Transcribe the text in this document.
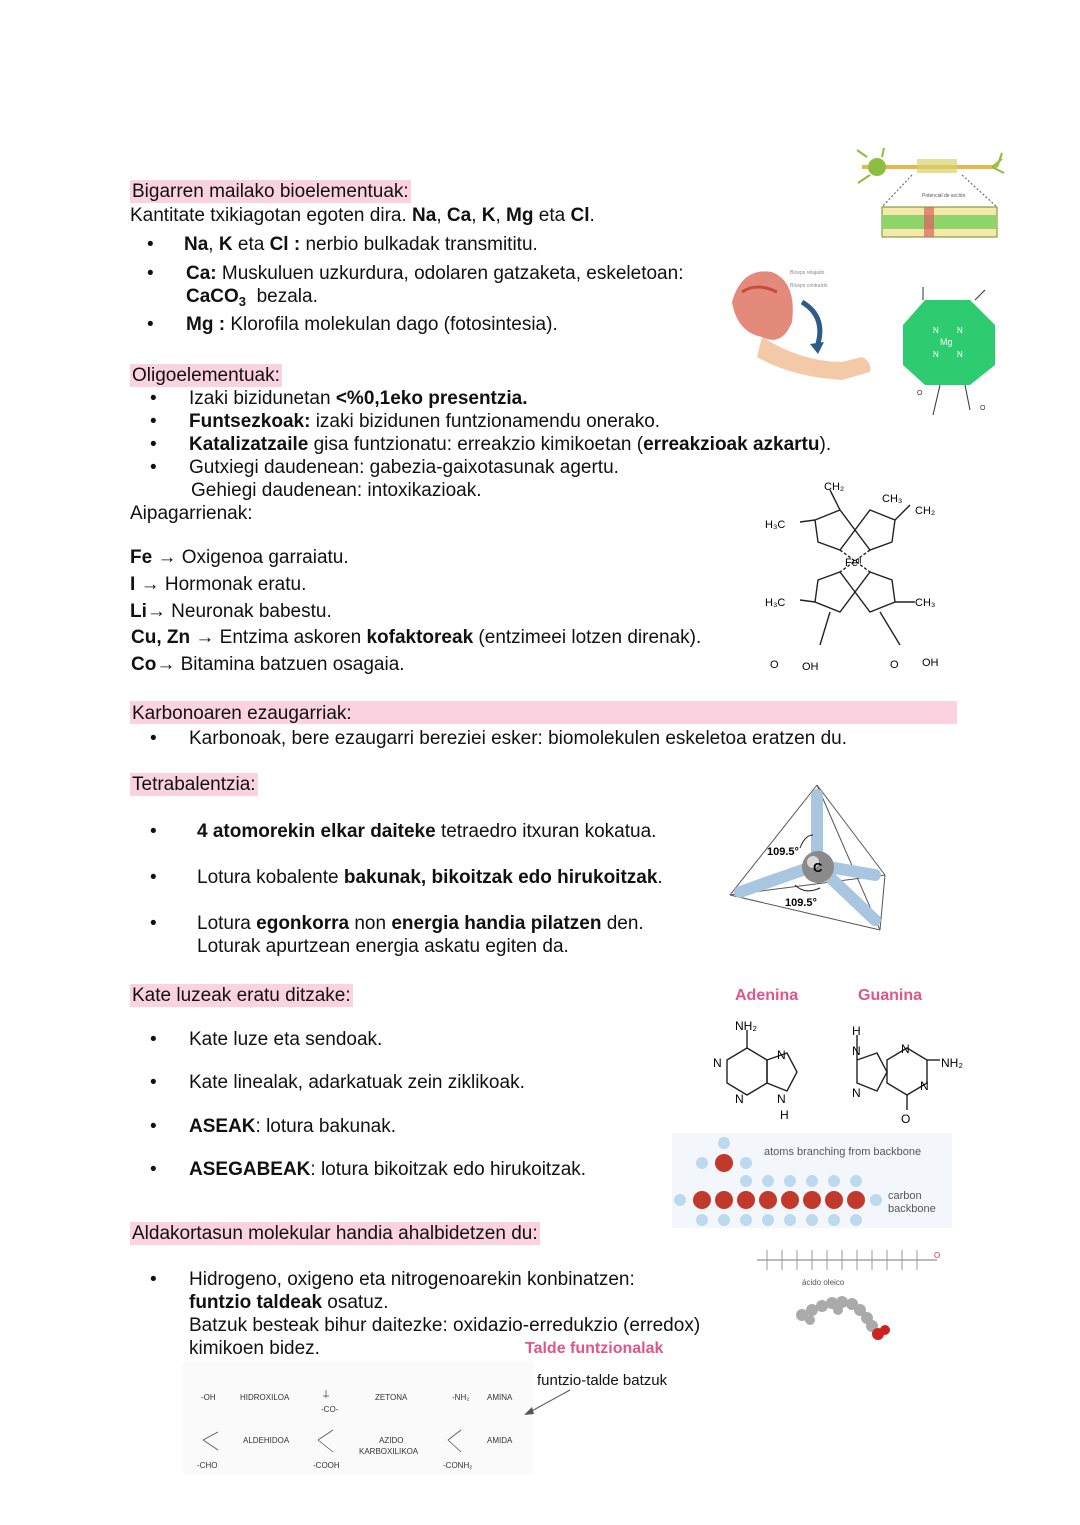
Bigarren mailako bioelementuak:
Kantitate txikiagotan egoten dira. Na, Ca, K, Mg eta Cl.
• Na, K eta Cl : nerbio bulkadak transmititu.
• Ca: Muskuluen uzkurdura, odolaren gatzaketa, eskeletoan:
CaCO$_3$ bezala.
• Mg : Klorofila molekulan dago (fotosintesia).
Potencial de acción
Bíceps relajado
Bíceps contraído
Mg
N N
N N
O
O
Oligoelementuak:
• Izaki bizidunetan <%0,1eko presentzia.
• Funtsezkoak: izaki bizidunen funtzionamendu onerako.
• Katalizatzaile gisa funtzionatu: erreakzio kimikoetan (erreakzioak azkartu).
• Gutxiegi daudenean: gabezia-gaixotasunak agertu.
Gehiegi daudenean: intoxikazioak.
Aipagarrienak:
Fe → Oxigenoa garraiatu.
I → Hormonak eratu.
Li→ Neuronak babestu.
Cu, Zn → Entzima askoren kofaktoreak (entzimeei lotzen direnak).
Co→ Bitamina batzuen osagaia.
H₃C
H₃C	CH₃
CH₃
CH₂
CH₂
Feᴵᴵ
O OH	O OH
Karbonoaren ezaugarriak:
• Karbonoak, bere ezaugarri bereziei esker: biomolekulen eskeletoa eratzen du.
Tetrabalentzia:
• 4 atomorekin elkar daiteke tetraedro itxuran kokatua.
• Lotura kobalente bakunak, bikoitzak edo hirukoitzak.
• Lotura egonkorra non energia handia pilatzen den.
Loturak apurtzean energia askatu egiten da.
C
109.5°
109.5°
Kate luzeak eratu ditzake:
• Kate luze eta sendoak.
• Kate linealak, adarkatuak zein ziklikoak.
• ASEAK: lotura bakunak.
• ASEGABEAK: lotura bikoitzak edo hirukoitzak.
Adenina	Guanina
NH₂
N
N
N
N
H
H
N
N
N
N
NH₂
O
atoms branching from backbone
carbon
backbone
Aldakortasun molekular handia ahalbidetzen du:
• Hidrogeno, oxigeno eta nitrogenoarekin konbinatzen:
funtzio taldeak osatuz.
Batzuk besteak bihur daitezke: oxidazio-erredukzio (erredox)
kimikoen bidez.	Talde funtzionalak
funtzio-talde batzuk
O
ácido oleico
-OH	HIDROXILOA
-CO-
ZETONA	-NH₂ AMINA
-CHO
ALDEHIDOA
-COOH
AZIDO
KARBOXILIKOA
-CONH₂
AMIDA
